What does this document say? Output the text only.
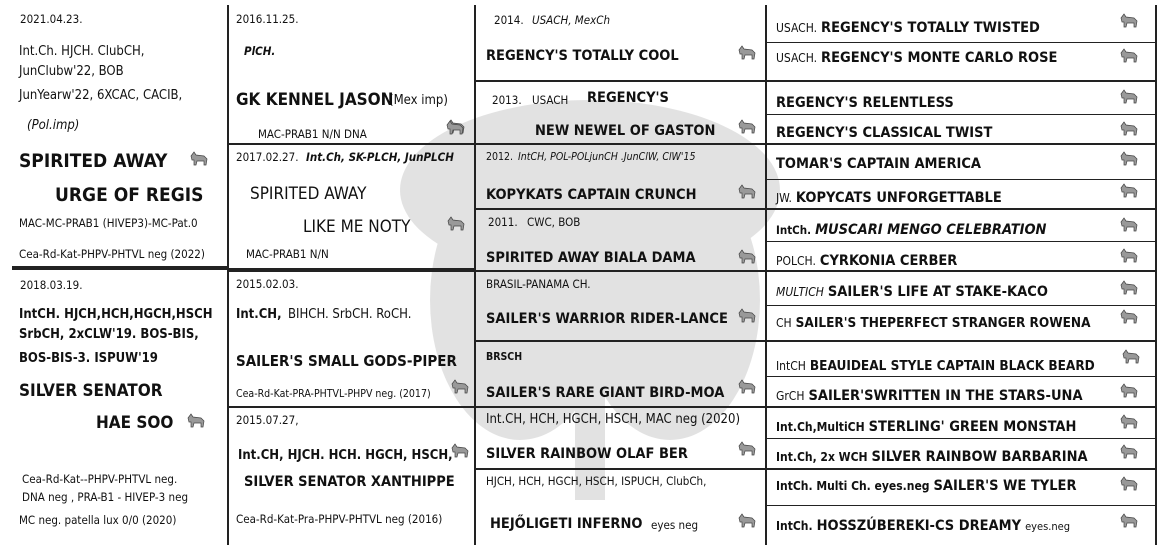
2021.04.23.
Int.Ch. HJCH. ClubCH,
JunClubw'22, BOB
JunYearw'22, 6XCAC, CACIB,
(Pol.imp)
SPIRITED AWAY
URGE OF REGIS
MAC-MC-PRAB1 (HIVEP3)-MC-Pat.0
Cea-Rd-Kat-PHPV-PHTVL neg (2022)
2018.03.19.
IntCH. HJCH,HCH,HGCH,HSCH
SrbCH, 2xCLW'19. BOS-BIS,
BOS-BIS-3. ISPUW'19
SILVER SENATOR
HAE SOO
Cea-Rd-Kat--PHPV-PHTVL neg.
DNA neg , PRA-B1 - HIVEP-3 neg
MC neg. patella lux 0/0 (2020)
2016.11.25.
PlCH.
GK KENNEL JASON
(Mex imp)
MAC-PRAB1 N/N DNA
2017.02.27. Int.Ch, SK-PLCH, JunPLCH
SPIRITED AWAY
LIKE ME NOTY
MAC-PRAB1 N/N
2015.02.03.
Int.CH, BIHCH. SrbCH. RoCH.
SAILER'S SMALL GODS-PIPER
Cea-Rd-Kat-PRA-PHTVL-PHPV neg. (2017)
2015.07.27,
Int.CH, HJCH. HCH. HGCH, HSCH,
SILVER SENATOR XANTHIPPE
Cea-Rd-Kat-Pra-PHPV-PHTVL neg (2016)
2014. USACH, MexCh
REGENCY'S TOTALLY COOL
2013. USACH REGENCY'S
NEW NEWEL OF GASTON
2012. IntCH, POL-POLjunCH .JunClW, ClW'15
KOPYKATS CAPTAIN CRUNCH
2011. CWC, BOB
SPIRITED AWAY BIALA DAMA
BRASIL-PANAMA CH.
SAILER'S WARRIOR RIDER-LANCE
BRSCH
SAILER'S RARE GIANT BIRD-MOA
Int.CH, HCH, HGCH, HSCH, MAC neg (2020)
SILVER RAINBOW OLAF BER
HJCH, HCH, HGCH, HSCH, ISPUCH, ClubCh,
HEJŐLIGETI INFERNO eyes neg
USACH. REGENCY'S TOTALLY TWISTED
USACH. REGENCY'S MONTE CARLO ROSE
REGENCY'S RELENTLESS
REGENCY'S CLASSICAL TWIST
TOMAR'S CAPTAIN AMERICA
JW. KOPYCATS UNFORGETTABLE
IntCh. MUSCARI MENGO CELEBRATION
POLCH. CYRKONIA CERBER
MULTICH SAILER'S LIFE AT STAKE-KACO
CH SAILER'S THEPERFECT STRANGER ROWENA
IntCH BEAUIDEAL STYLE CAPTAIN BLACK BEARD
GrCH SAILER'SWRITTEN IN THE STARS-UNA
Int.Ch,MultiCH STERLING' GREEN MONSTAH
Int.Ch, 2x WCH SILVER RAINBOW BARBARINA
IntCh. Multi Ch. eyes.neg SAILER'S WE TYLER
IntCh. HOSSZÚBEREKI-CS DREAMY eyes.neg
